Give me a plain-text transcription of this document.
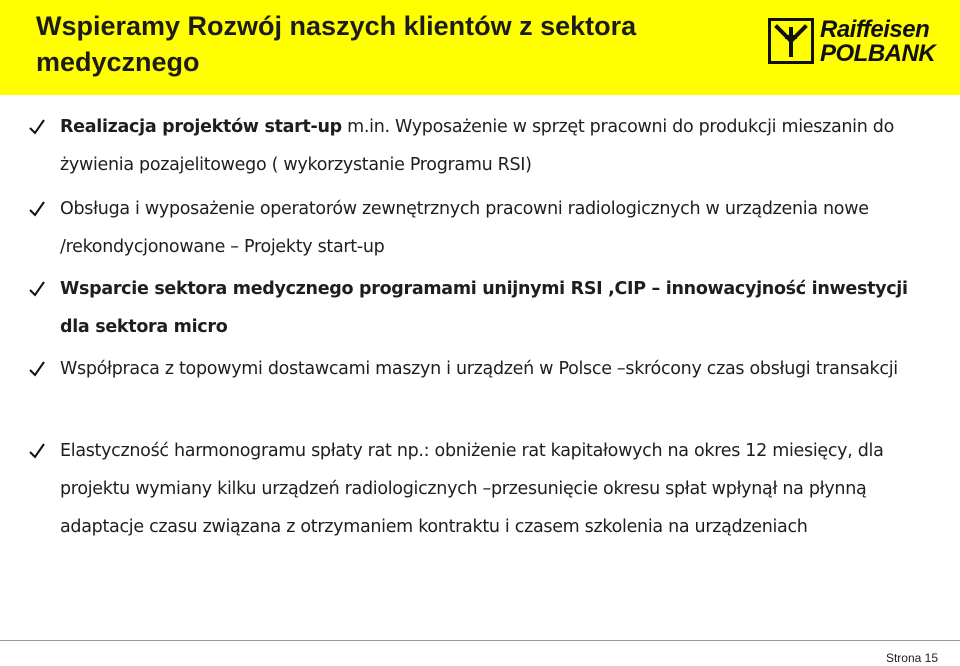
Wspieramy Rozwój naszych klientów z sektora medycznego
Raiffeisen
POLBANK
Realizacja projektów start-up m.in. Wyposażenie w sprzęt pracowni do produkcji mieszanin do żywienia pozajelitowego ( wykorzystanie Programu RSI)
Obsługa i wyposażenie operatorów zewnętrznych pracowni radiologicznych w urządzenia nowe /rekondycjonowane – Projekty start-up
Wsparcie sektora medycznego programami unijnymi RSI ,CIP – innowacyjność inwestycji dla sektora micro
Współpraca z topowymi dostawcami maszyn i urządzeń w Polsce –skrócony czas obsługi transakcji
Elastyczność harmonogramu spłaty rat np.: obniżenie rat kapitałowych na okres 12 miesięcy, dla projektu wymiany kilku urządzeń radiologicznych –przesunięcie okresu spłat wpłynął na płynną adaptacje czasu związana z otrzymaniem kontraktu i czasem szkolenia na urządzeniach
Strona 15
